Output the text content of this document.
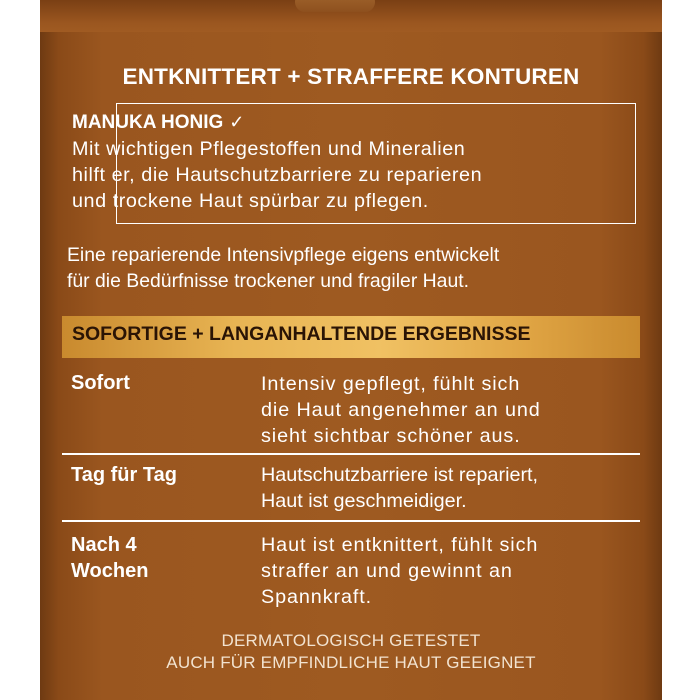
ENTKNITTERT + STRAFFERE KONTUREN
MANUKA HONIG ✓
Mit wichtigen Pflegestoffen und Mineralien
hilft er, die Hautschutzbarriere zu reparieren
und trockene Haut spürbar zu pflegen.
Eine reparierende Intensivpflege eigens entwickelt
für die Bedürfnisse trockener und fragiler Haut.
SOFORTIGE + LANGANHALTENDE ERGEBNISSE
Sofort	Intensiv gepflegt, fühlt sich
die Haut angenehmer an und
sieht sichtbar schöner aus.
Tag für Tag	Hautschutzbarriere ist repariert,
Haut ist geschmeidiger.
Nach 4
Wochen
Haut ist entknittert, fühlt sich
straffer an und gewinnt an
Spannkraft.
DERMATOLOGISCH GETESTET
AUCH FÜR EMPFINDLICHE HAUT GEEIGNET
